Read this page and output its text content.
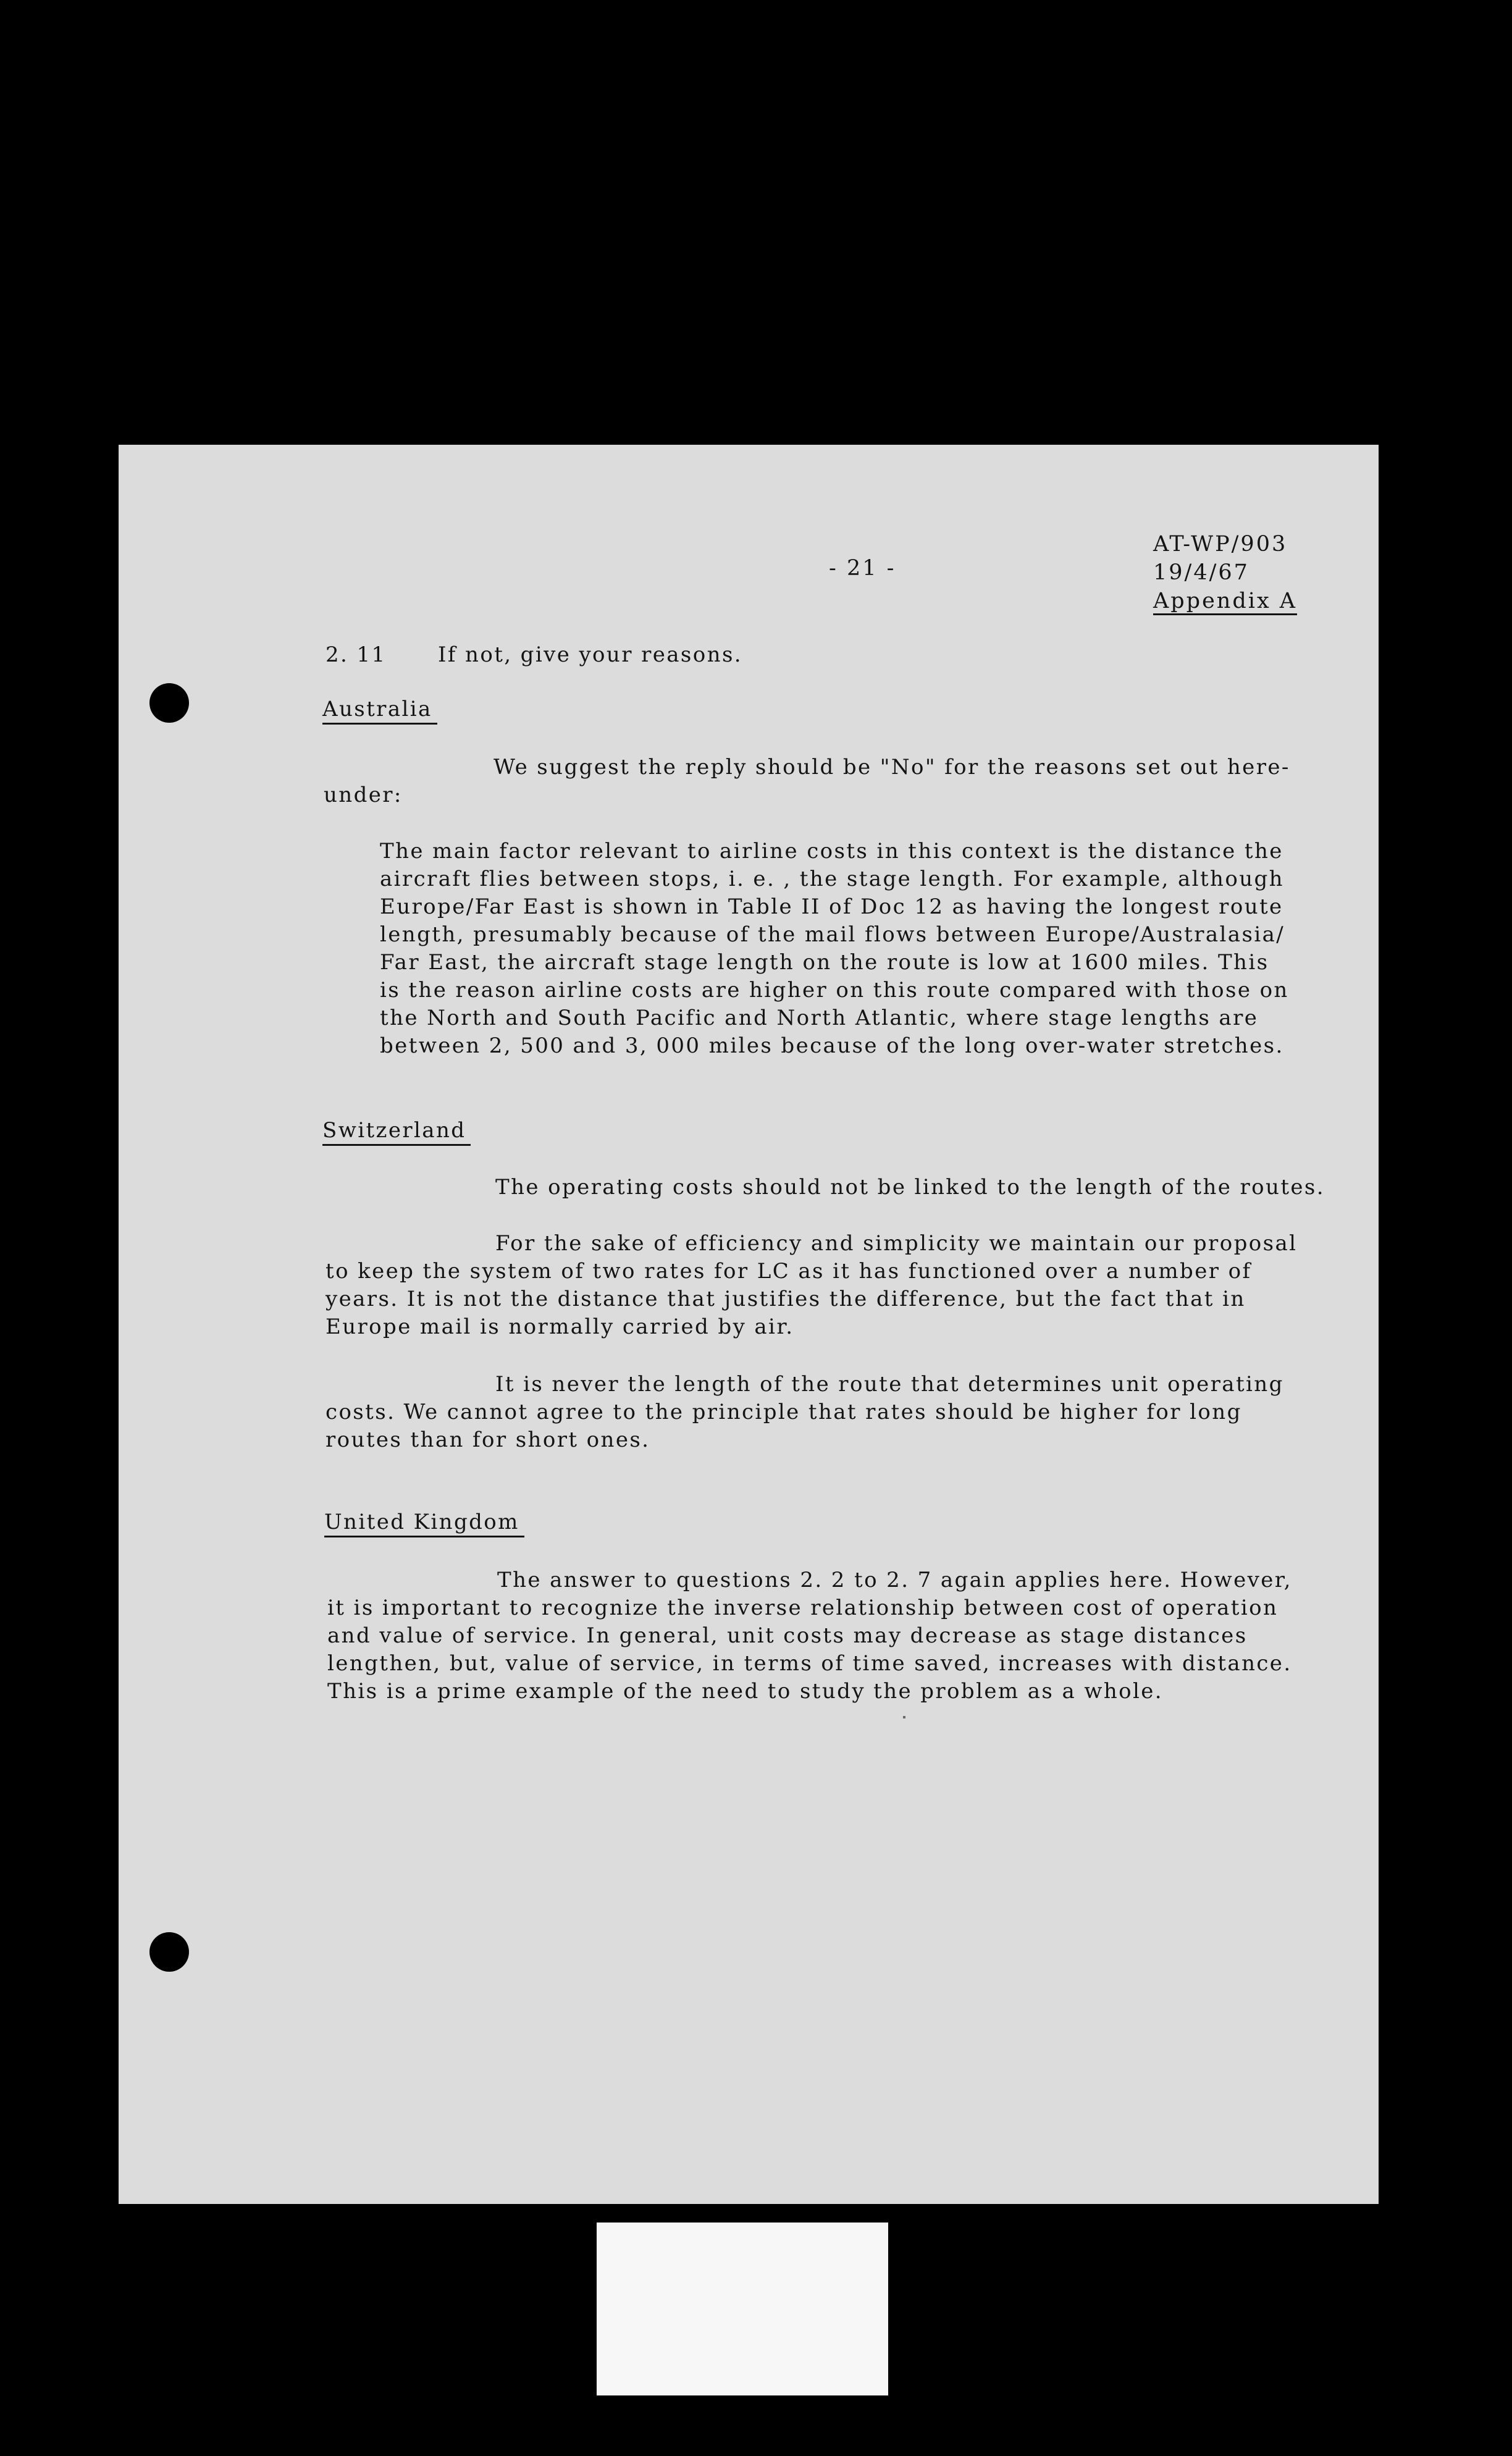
- 21 -
AT-WP/903
19/4/67
Appendix A
2. 11 If not, give your reasons.
Australia
We suggest the reply should be "No" for the reasons set out here-
under:
The main factor relevant to airline costs in this context is the distance the
aircraft flies between stops, i. e. , the stage length. For example, although
Europe/Far East is shown in Table II of Doc 12 as having the longest route
length, presumably because of the mail flows between Europe/Australasia/
Far East, the aircraft stage length on the route is low at 1600 miles. This
is the reason airline costs are higher on this route compared with those on
the North and South Pacific and North Atlantic, where stage lengths are
between 2, 500 and 3, 000 miles because of the long over-water stretches.
Switzerland
The operating costs should not be linked to the length of the routes.
For the sake of efficiency and simplicity we maintain our proposal
to keep the system of two rates for LC as it has functioned over a number of
years. It is not the distance that justifies the difference, but the fact that in
Europe mail is normally carried by air.
It is never the length of the route that determines unit operating
costs. We cannot agree to the principle that rates should be higher for long
routes than for short ones.
United Kingdom
The answer to questions 2. 2 to 2. 7 again applies here. However,
it is important to recognize the inverse relationship between cost of operation
and value of service. In general, unit costs may decrease as stage distances
lengthen, but, value of service, in terms of time saved, increases with distance.
This is a prime example of the need to study the problem as a whole.
